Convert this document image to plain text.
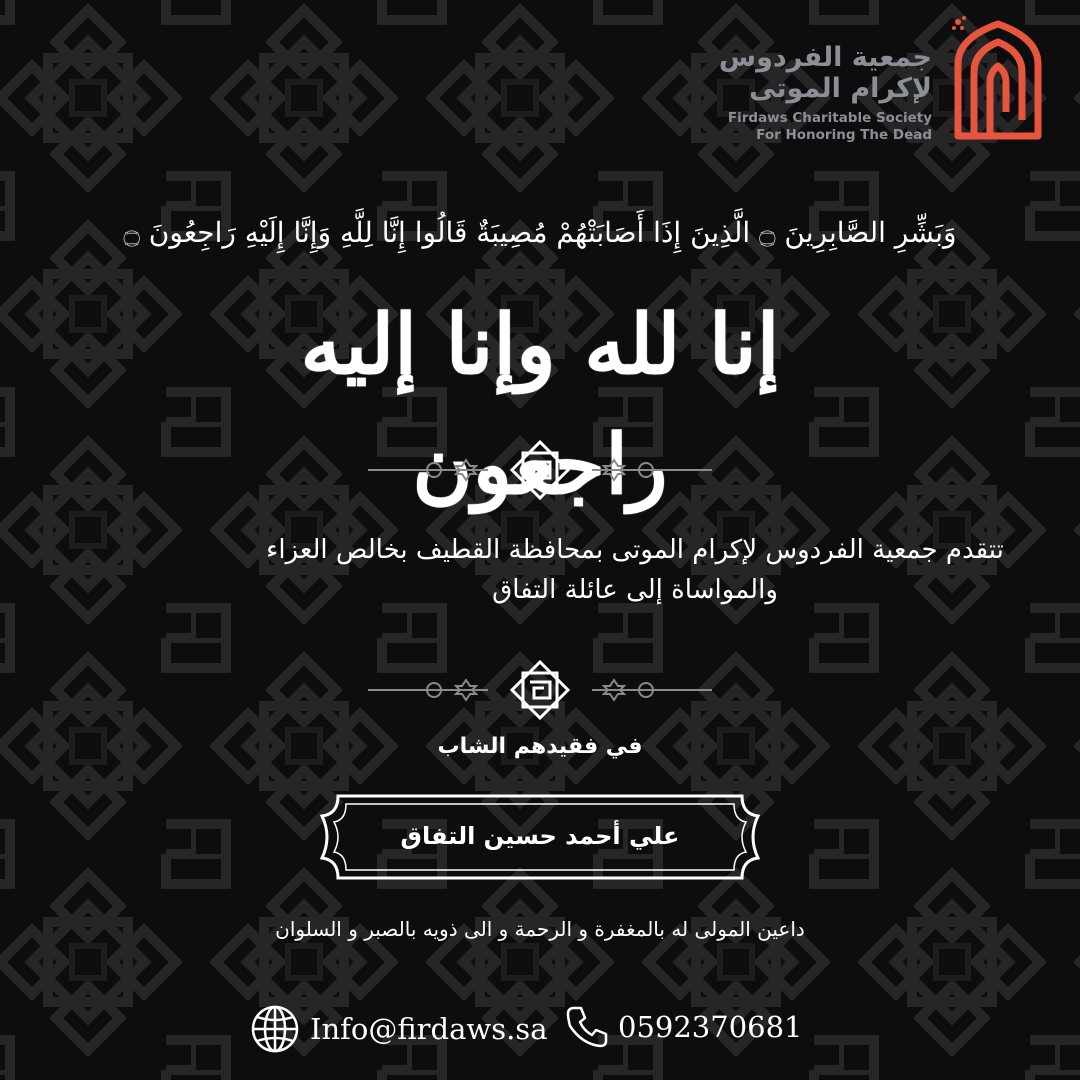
جمعية الفردوس
لإكرام الموتى
Firdaws Charitable Society
For Honoring The Dead
وَبَشِّرِ الصَّابِرِينَ ۝ الَّذِينَ إِذَا أَصَابَتْهُمْ مُصِيبَةٌ قَالُوا إِنَّا لِلَّهِ وَإِنَّا إِلَيْهِ رَاجِعُونَ ۝
إنا لله وإنا إليه راجعون
تتقدم جمعية الفردوس لإكرام الموتى بمحافظة القطيف بخالص العزاء والمواساة إلى عائلة التفاق
في فقيدهم الشاب
علي أحمد حسين التفاق
داعين المولى له بالمغفرة و الرحمة و الى ذويه بالصبر و السلوان
Info@firdaws.sa 0592370681
